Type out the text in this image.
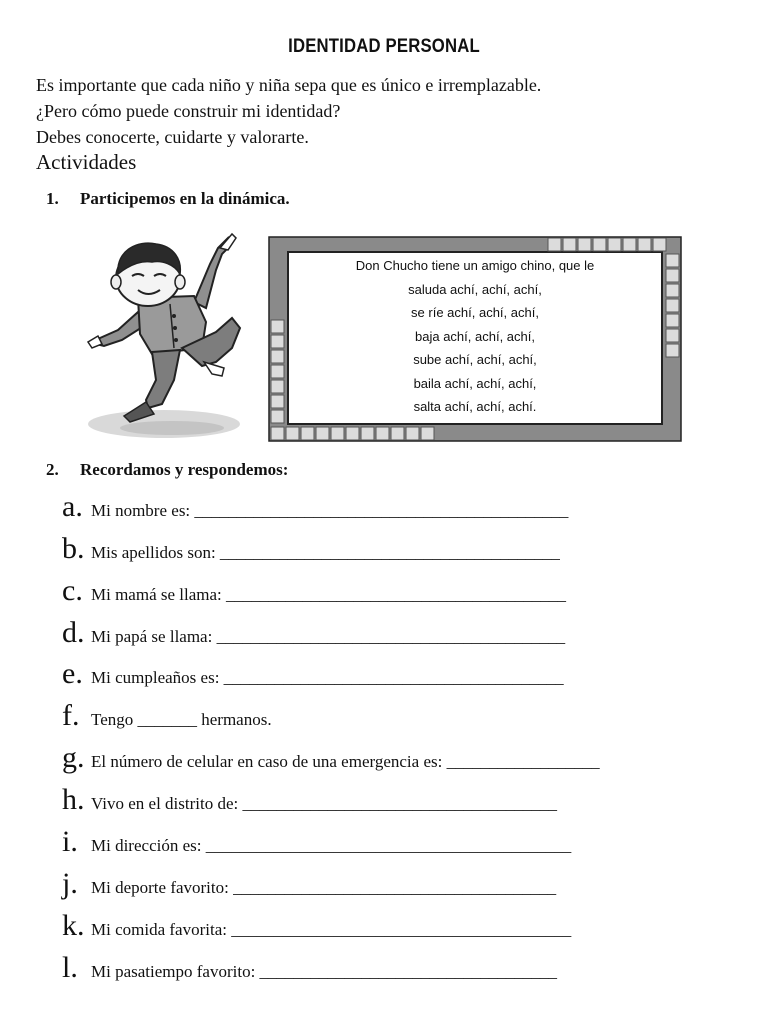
IDENTIDAD PERSONAL
Es importante que cada niño y niña sepa que es único e irremplazable.
¿Pero cómo puede construir mi identidad?
Debes conocerte, cuidarte y valorarte.
Actividades
1. Participemos en la dinámica.
Don Chucho tiene un amigo chino, que le
saluda achí, achí, achí,
se ríe achí, achí, achí,
baja achí, achí, achí,
sube achí, achí, achí,
baila achí, achí, achí,
salta achí, achí, achí.
2. Recordamos y respondemos:
a. Mi nombre es: ____________________________________________
b. Mis apellidos son: ________________________________________
c. Mi mamá se llama: ________________________________________
d. Mi papá se llama: _________________________________________
e. Mi cumpleaños es: ________________________________________
f. Tengo _______ hermanos.
g. El número de celular en caso de una emergencia es: __________________
h. Vivo en el distrito de: _____________________________________
i. Mi dirección es: ___________________________________________
j. Mi deporte favorito: ______________________________________
k. Mi comida favorita: ________________________________________
l. Mi pasatiempo favorito: ___________________________________
